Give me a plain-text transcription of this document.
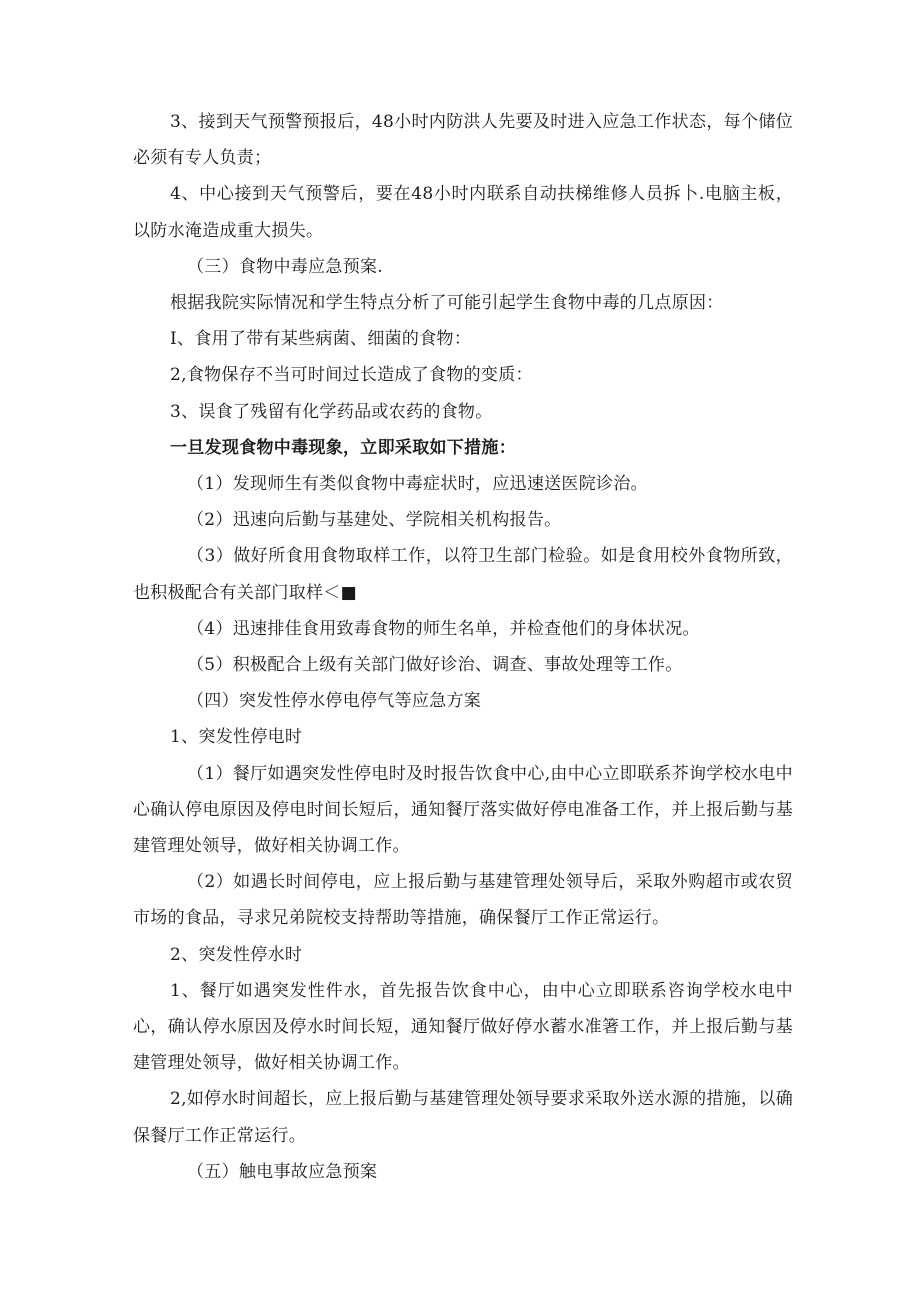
3、接到天气预警预报后，48小时内防洪人先要及时进入应急工作状态，每个储位必须有专人负责；

4、中心接到天气预警后，要在48小时内联系自动扶梯维修人员拆卜.电脑主板，以防水淹造成重大损失。

（三）食物中毒应急预案.

根据我院实际情况和学生特点分析了可能引起学生食物中毒的几点原因：

I、食用了带有某些病菌、细菌的食物：

2,食物保存不当可时间过长造成了食物的变质：

3、误食了残留有化学药品或农药的食物。

一旦发现食物中毒现象，立即采取如下措施：

（1）发现师生有类似食物中毒症状时，应迅速送医院诊治。

（2）迅速向后勤与基建处、学院相关机构报告。

（3）做好所食用食物取样工作，以符卫生部门检验。如是食用校外食物所致，也积极配合有关部门取样＜■

（4）迅速排佳食用致毒食物的师生名单，并检查他们的身体状况。

（5）积极配合上级有关部门做好诊治、调查、事故处理等工作。

（四）突发性停水停电停气等应急方案

1、突发性停电时

（1）餐厅如遇突发性停电时及时报告饮食中心,由中心立即联系芥询学校水电中心确认停电原因及停电时间长短后，通知餐厅落实做好停电准备工作，并上报后勤与基建管理处领导，做好相关协调工作。

（2）如遇长时间停电，应上报后勤与基建管理处领导后，采取外购超市或农贸市场的食品，寻求兄弟院校支持帮助等措施，确保餐厅工作正常运行。

2、突发性停水时

1、餐厅如遇突发性件水，首先报告饮食中心，由中心立即联系咨询学校水电中心，确认停水原因及停水时间长短，通知餐厅做好停水蓄水准箸工作，并上报后勤与基建管理处领导，做好相关协调工作。

2,如停水时间超长，应上报后勤与基建管理处领导要求采取外送水源的措施，以确保餐厅工作正常运行。

（五）触电事故应急预案
